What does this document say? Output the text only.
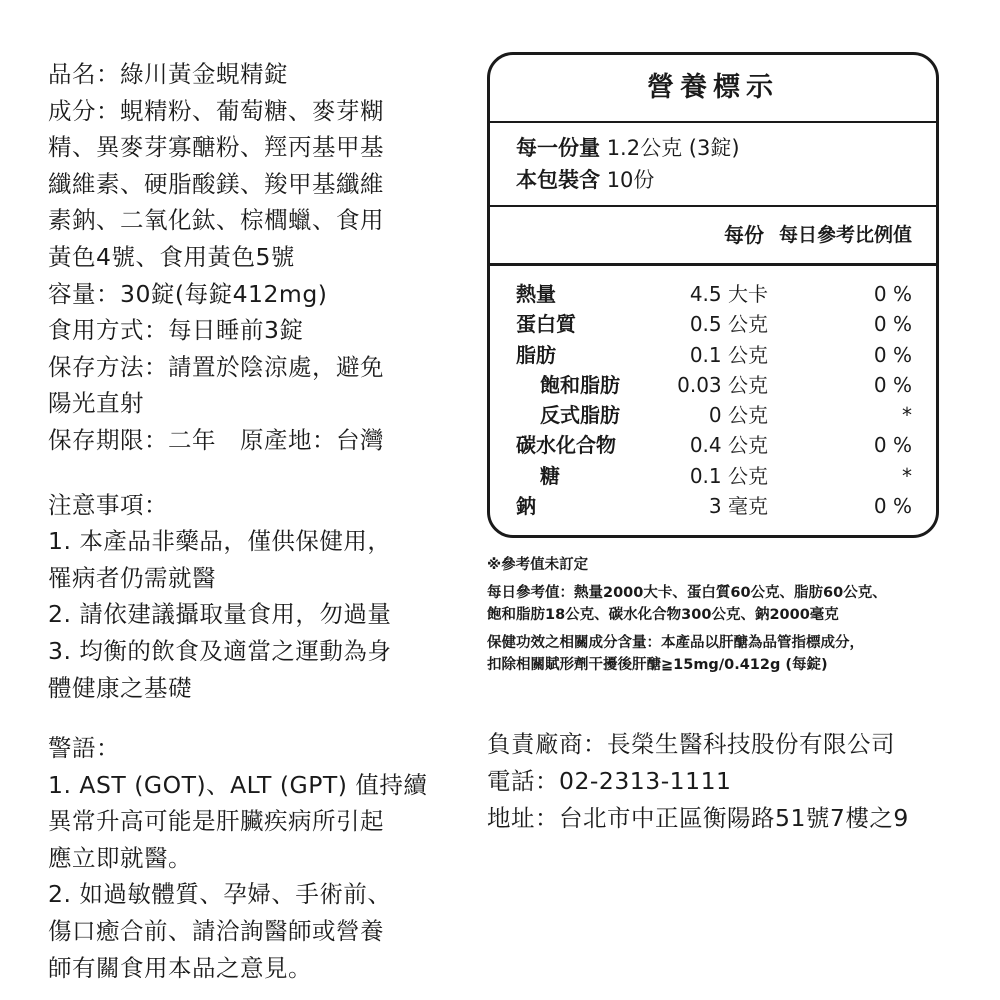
品名：綠川黃金蜆精錠
成分：蜆精粉、葡萄糖、麥芽糊
精、異麥芽寡醣粉、羥丙基甲基
纖維素、硬脂酸鎂、羧甲基纖維
素鈉、二氧化鈦、棕櫚蠟、食用
黃色4號、食用黃色5號
容量：30錠(每錠412mg)
食用方式：每日睡前3錠
保存方法：請置於陰涼處，避免
陽光直射
保存期限：二年　原產地：台灣
注意事項：
1. 本產品非藥品，僅供保健用，
罹病者仍需就醫
2. 請依建議攝取量食用，勿過量
3. 均衡的飲食及適當之運動為身
體健康之基礎
警語：
1. AST (GOT)、ALT (GPT) 值持續
異常升高可能是肝臟疾病所引起
應立即就醫。
2. 如過敏體質、孕婦、手術前、
傷口癒合前、請洽詢醫師或營養
師有關食用本品之意見。
營養標示
每一份量 1.2公克 (3錠)
本包裝含 10份
每份 每日參考比例值
熱量	4.5 大卡	0 %
蛋白質	0.5 公克	0 %
脂肪	0.1 公克	0 %
飽和脂肪	0.03 公克	0 %
反式脂肪	0 公克	*
碳水化合物	0.4 公克	0 %
糖	0.1 公克	*
鈉	3 毫克	0 %
※參考值未訂定
每日參考值：熱量2000大卡、蛋白質60公克、脂肪60公克、
飽和脂肪18公克、碳水化合物300公克、鈉2000毫克
保健功效之相關成分含量：本產品以肝醣為品管指標成分，
扣除相關賦形劑干擾後肝醣≧15mg/0.412g (每錠)
負責廠商：長榮生醫科技股份有限公司
電話：02-2313-1111
地址：台北市中正區衡陽路51號7樓之9
